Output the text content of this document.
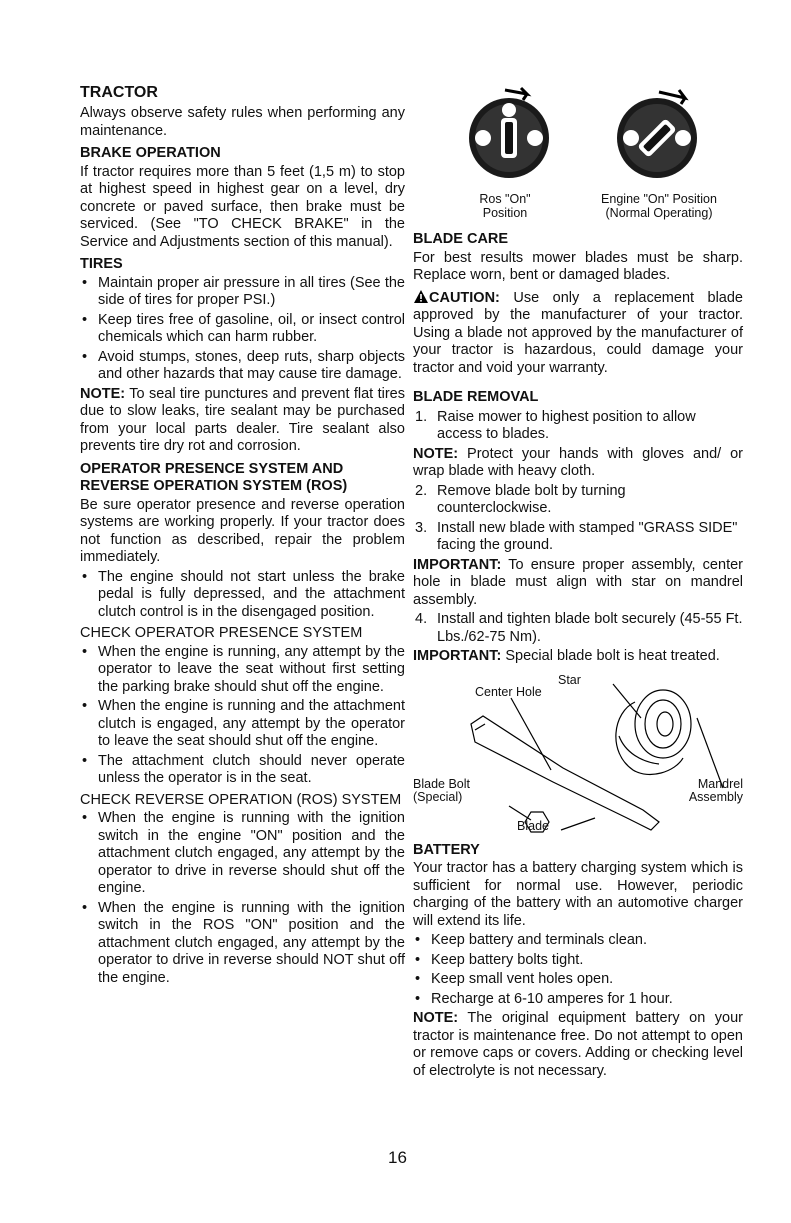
TRACTOR

Always observe safety rules when performing any maintenance.

BRAKE OPERATION

If tractor requires more than 5 feet (1,5 m) to stop at highest speed in highest gear on a level, dry concrete or paved surface, then brake must be serviced. (See "TO CHECK BRAKE" in the Service and Adjustments section of this manual).

TIRES
• Maintain proper air pressure in all tires (See the side of tires for proper PSI.)
• Keep tires free of gasoline, oil, or insect control chemicals which can harm rubber.
• Avoid stumps, stones, deep ruts, sharp objects and other hazards that may cause tire damage.

NOTE: To seal tire punctures and prevent flat tires due to slow leaks, tire sealant may be purchased from your local parts dealer. Tire sealant also prevents tire dry rot and corrosion.

OPERATOR PRESENCE SYSTEM AND REVERSE OPERATION SYSTEM (ROS)

Be sure operator presence and reverse operation systems are working properly. If your tractor does not function as described, repair the problem immediately.

• The engine should not start unless the brake pedal is fully depressed, and the attachment clutch control is in the disengaged position.
CHECK OPERATOR PRESENCE SYSTEM
• When the engine is running, any attempt by the operator to leave the seat without first setting the parking brake should shut off the engine.
• When the engine is running and the attachment clutch is engaged, any attempt by the operator to leave the seat should shut off the engine.
• The attachment clutch should never operate unless the operator is in the seat.
CHECK REVERSE OPERATION (ROS) SYSTEM
• When the engine is running with the ignition switch in the engine "ON" position and the attachment clutch engaged, any attempt by the operator to drive in reverse should shut off the engine.
• When the engine is running with the ignition switch in the ROS "ON" position and the attachment clutch engaged, any attempt by the operator to drive in reverse should NOT shut off the engine.
Ros "On"
Position
Engine "On" Position
(Normal Operating)
BLADE CARE

For best results mower blades must be sharp. Replace worn, bent or damaged blades.

CAUTION: Use only a replacement blade approved by the manufacturer of your tractor. Using a blade not approved by the manufacturer of your tractor is hazardous, could damage your tractor and void your warranty.

BLADE REMOVAL
1. Raise mower to highest position to allow access to blades.

NOTE: Protect your hands with gloves and/ or wrap blade with heavy cloth.

2. Remove blade bolt by turning counterclockwise.
3. Install new blade with stamped "GRASS SIDE" facing the ground.

IMPORTANT: To ensure proper assembly, center hole in blade must align with star on mandrel assembly.

4. Install and tighten blade bolt securely (45-55 Ft. Lbs./62-75 Nm).

IMPORTANT: Special blade bolt is heat treated.

Star
Center Hole
Blade Bolt
(Special)
Mandrel
Assembly
Blade
BATTERY

Your tractor has a battery charging system which is sufficient for normal use. However, periodic charging of the battery with an automotive charger will extend its life.

• Keep battery and terminals clean.
• Keep battery bolts tight.
• Keep small vent holes open.
• Recharge at 6-10 amperes for 1 hour.

NOTE: The original equipment battery on your tractor is maintenance free. Do not attempt to open or remove caps or covers. Adding or checking level of electrolyte is not necessary.

16
